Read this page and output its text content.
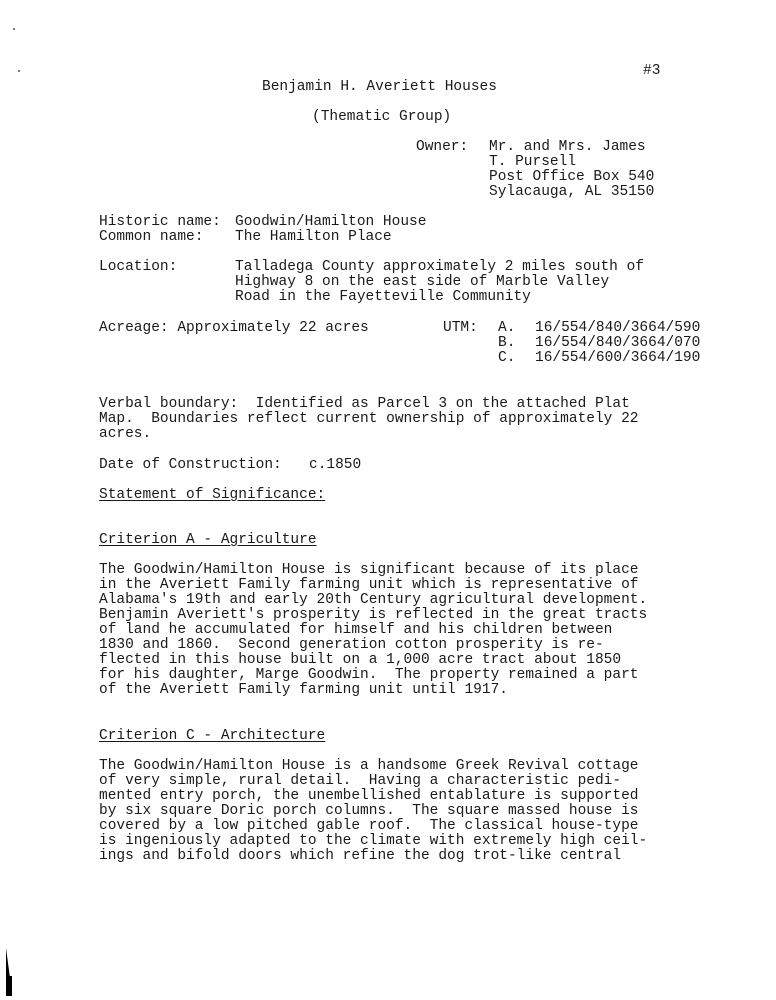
#3
Benjamin H. Averiett Houses
(Thematic Group)
Owner: Mr. and Mrs. James
T. Pursell
Post Office Box 540
Sylacauga, AL 35150
Historic name: Goodwin/Hamilton House
Common name: The Hamilton Place
Location:	Talladega County approximately 2 miles south of
Highway 8 on the east side of Marble Valley
Road in the Fayetteville Community
Acreage: Approximately 22 acres	UTM: A. 16/554/840/3664/590
B. 16/554/840/3664/070
C. 16/554/600/3664/190
Verbal boundary:  Identified as Parcel 3 on the attached Plat
Map.  Boundaries reflect current ownership of approximately 22
acres.
Date of Construction: c.1850
Statement of Significance:
Criterion A - Agriculture
The Goodwin/Hamilton House is significant because of its place
in the Averiett Family farming unit which is representative of
Alabama's 19th and early 20th Century agricultural development.
Benjamin Averiett's prosperity is reflected in the great tracts
of land he accumulated for himself and his children between
1830 and 1860.  Second generation cotton prosperity is re-
flected in this house built on a 1,000 acre tract about 1850
for his daughter, Marge Goodwin.  The property remained a part
of the Averiett Family farming unit until 1917.
Criterion C - Architecture
The Goodwin/Hamilton House is a handsome Greek Revival cottage
of very simple, rural detail.  Having a characteristic pedi-
mented entry porch, the unembellished entablature is supported
by six square Doric porch columns.  The square massed house is
covered by a low pitched gable roof.  The classical house-type
is ingeniously adapted to the climate with extremely high ceil-
ings and bifold doors which refine the dog trot-like central
